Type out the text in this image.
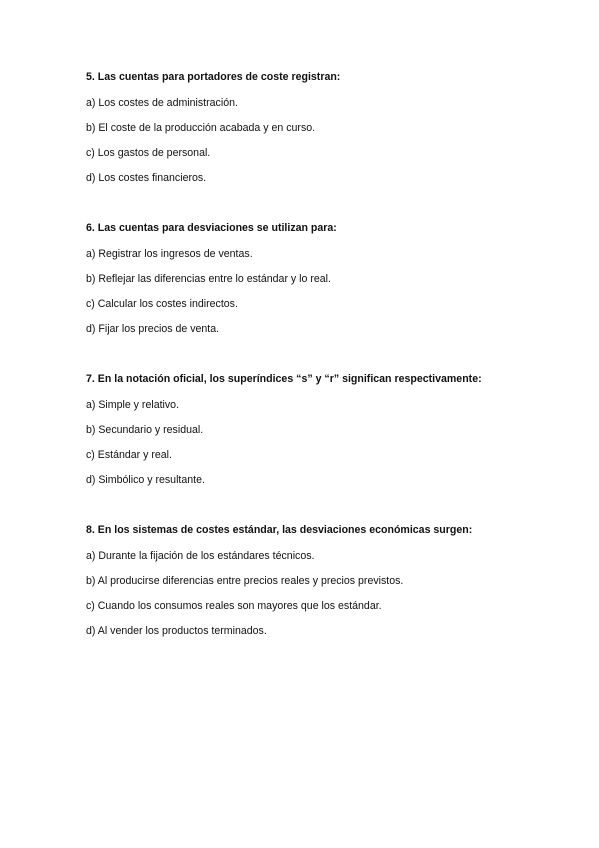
5. Las cuentas para portadores de coste registran:
a) Los costes de administración.
b) El coste de la producción acabada y en curso.
c) Los gastos de personal.
d) Los costes financieros.
6. Las cuentas para desviaciones se utilizan para:
a) Registrar los ingresos de ventas.
b) Reflejar las diferencias entre lo estándar y lo real.
c) Calcular los costes indirectos.
d) Fijar los precios de venta.
7. En la notación oficial, los superíndices “s” y “r” significan respectivamente:
a) Simple y relativo.
b) Secundario y residual.
c) Estándar y real.
d) Simbólico y resultante.
8. En los sistemas de costes estándar, las desviaciones económicas surgen:
a) Durante la fijación de los estándares técnicos.
b) Al producirse diferencias entre precios reales y precios previstos.
c) Cuando los consumos reales son mayores que los estándar.
d) Al vender los productos terminados.
